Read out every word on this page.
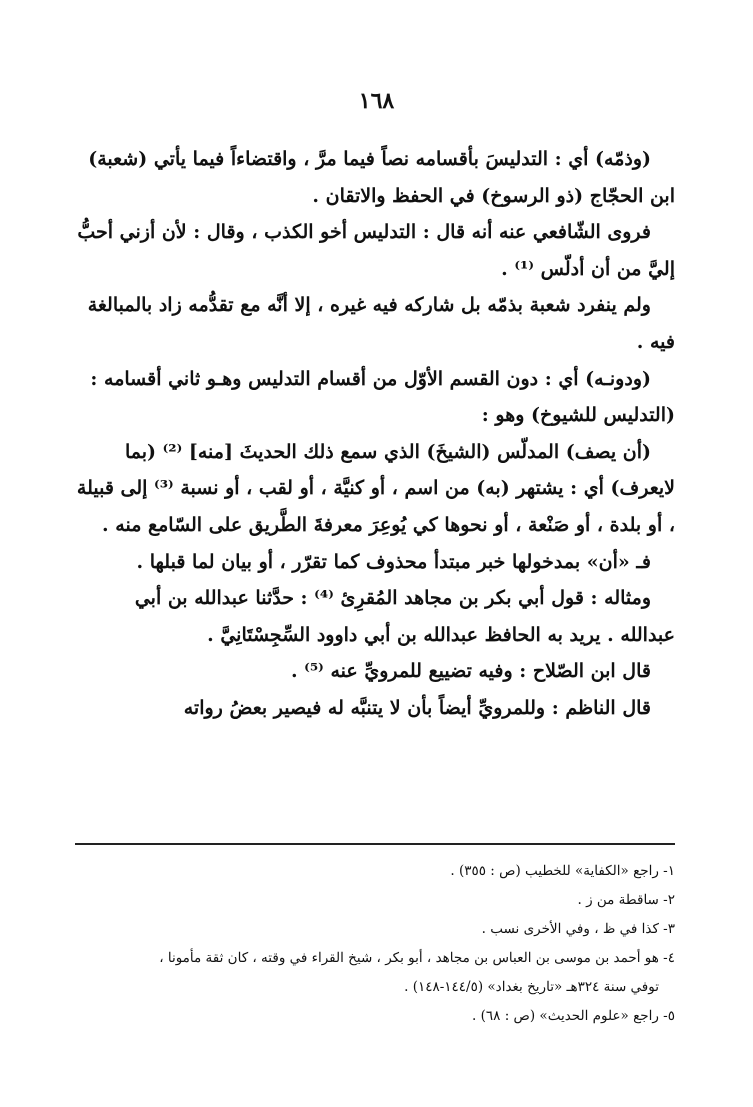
١٦٨

(وذمّه) أي : التدليسَ بأقسامه نصاً فيما مرَّ ، واقتضاءاً فيما يأتي (شعبة) ابن الحجّاج (ذو الرسوخ) في الحفظ والاتقان .

فروى الشّافعي عنه أنه قال : التدليس أخو الكذب ، وقال : لأن أزني أحبُّ إليَّ من أن أدلّس ⁽¹⁾ .

ولم ينفرد شعبة بذمّه بل شاركه فيه غيره ، إلا أنَّه مع تقدُّمه زاد بالمبالغة فيه .

(ودونـه) أي : دون القسم الأوّل من أقسام التدليس وهـو ثاني أقسامه : (التدليس للشيوخ) وهو :

(أن يصف) المدلّس (الشيخَ) الذي سمع ذلك الحديثَ [منه] ⁽²⁾ (بما لايعرف) أي : يشتهر (به) من اسم ، أو كنيَّة ، أو لقب ، أو نسبة ⁽³⁾ إلى قبيلة ، أو بلدة ، أو صَنْعة ، أو نحوها كي يُوعِرَ معرفةَ الطَّريق على السّامع منه .

فـ «أن» بمدخولها خبر مبتدأ محذوف كما تقرّر ، أو بيان لما قبلها .

ومثاله : قول أبي بكر بن مجاهد المُقرِئ ⁽⁴⁾ : حدَّثنا عبدالله بن أبي عبدالله . يريد به الحافظ عبدالله بن أبي داوود السِّجِسْتَانِيَّ .

قال ابن الصّلاح : وفيه تضييع للمرويِّ عنه ⁽⁵⁾ .

قال الناظم : وللمرويِّ أيضاً بأن لا يتنبَّه له فيصير بعضُ رواته

١- راجع «الكفاية» للخطيب (ص : ٣٥٥) .
٢- ساقطة من ز .
٣- كذا في ظ ، وفي الأخرى نسب .
٤- هو أحمد بن موسى بن العباس بن مجاهد ، أبو بكر ، شيخ القراء في وقته ، كان ثقة مأمونا ،
توفي سنة ٣٢٤هـ «تاريخ بغداد» (١٤٤/٥-١٤٨) .
٥- راجع «علوم الحديث» (ص : ٦٨) .
